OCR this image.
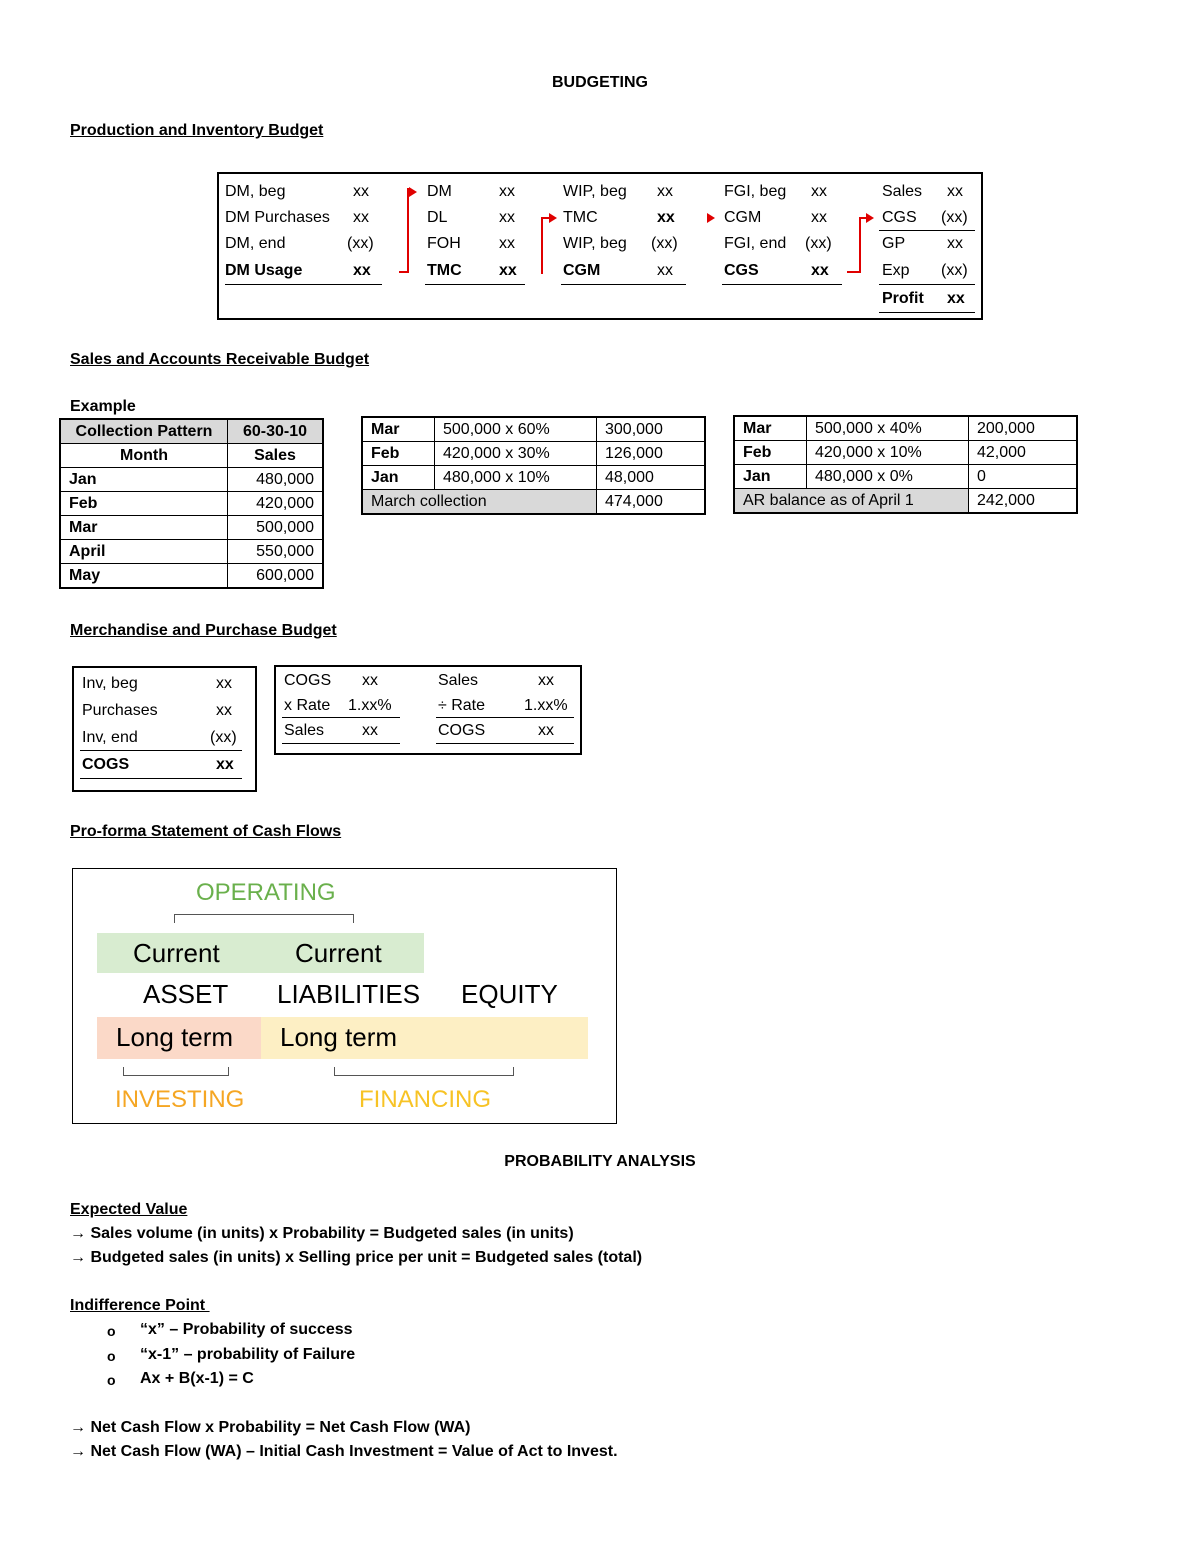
BUDGETING
Production and Inventory Budget
DM, beg	xx
DM Purchases xx
DM, end	(xx)
DM Usage	xx
DM	xx
DL	xx
FOH xx
TMC xx
WIP, beg xx
TMC	xx
WIP, beg (xx)
CGM	xx
FGI, beg xx
CGM	xx
FGI, end (xx)
CGS	xx
Sales xx
CGS (xx)
GP	xx
Exp (xx)
Profit xx
Sales and Accounts Receivable Budget
Example
Collection Pattern	60-30-10
Month	Sales
Jan	480,000
Feb	420,000
Mar	500,000
April	550,000
May	600,000
Mar	500,000 x 60%	300,000
Feb	420,000 x 30%	126,000
Jan	480,000 x 10%	48,000
March collection		474,000
Mar	500,000 x 40%	200,000
Feb	420,000 x 10%	42,000
Jan	480,000 x 0%	0
AR balance as of April 1		242,000
Merchandise and Purchase Budget
Inv, beg	xx
Purchases	xx
Inv, end	(xx)
COGS	xx
COGS xx
x Rate 1.xx%
Sales xx
Sales	xx
÷ Rate 1.xx%
COGS	xx
Pro-forma Statement of Cash Flows
OPERATING
Current	Current
ASSET LIABILITIES EQUITY
Long term Long term
INVESTING	FINANCING
PROBABILITY ANALYSIS
Expected Value
→ Sales volume (in units) x Probability = Budgeted sales (in units)
→ Budgeted sales (in units) x Selling price per unit = Budgeted sales (total)
Indifference Point
o “x” – Probability of success
o “x-1” – probability of Failure
o Ax + B(x-1) = C
→ Net Cash Flow x Probability = Net Cash Flow (WA)
→ Net Cash Flow (WA) – Initial Cash Investment = Value of Act to Invest.
